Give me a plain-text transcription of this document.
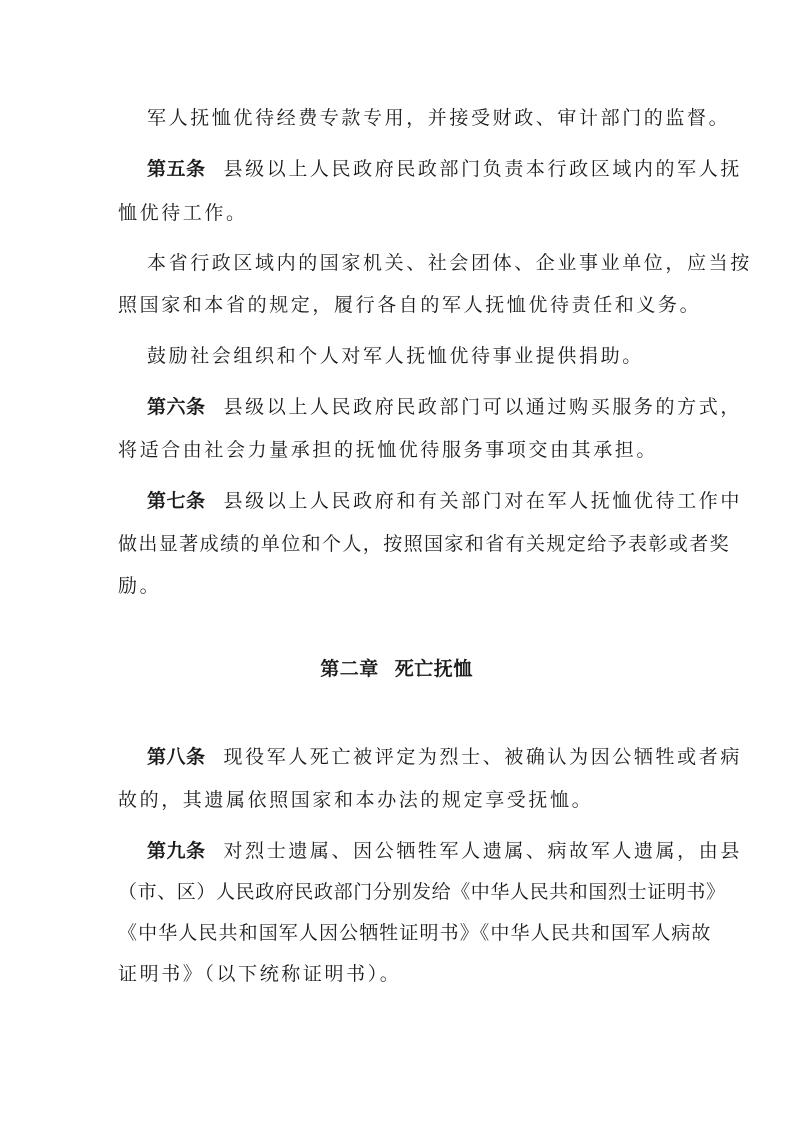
军人抚恤优待经费专款专用，并接受财政、审计部门的监督。
第五条 县级以上人民政府民政部门负责本行政区域内的军人抚
恤优待工作。
本省行政区域内的国家机关、社会团体、企业事业单位，应当按
照国家和本省的规定，履行各自的军人抚恤优待责任和义务。
鼓励社会组织和个人对军人抚恤优待事业提供捐助。
第六条 县级以上人民政府民政部门可以通过购买服务的方式，
将适合由社会力量承担的抚恤优待服务事项交由其承担。
第七条 县级以上人民政府和有关部门对在军人抚恤优待工作中
做出显著成绩的单位和个人，按照国家和省有关规定给予表彰或者奖
励。
第二章 死亡抚恤
第八条 现役军人死亡被评定为烈士、被确认为因公牺牲或者病
故的，其遗属依照国家和本办法的规定享受抚恤。
第九条 对烈士遗属、因公牺牲军人遗属、病故军人遗属，由县
（市、区）人民政府民政部门分别发给《中华人民共和国烈士证明书》
《中华人民共和国军人因公牺牲证明书》《中华人民共和国军人病故
证明书》（以下统称证明书）。
